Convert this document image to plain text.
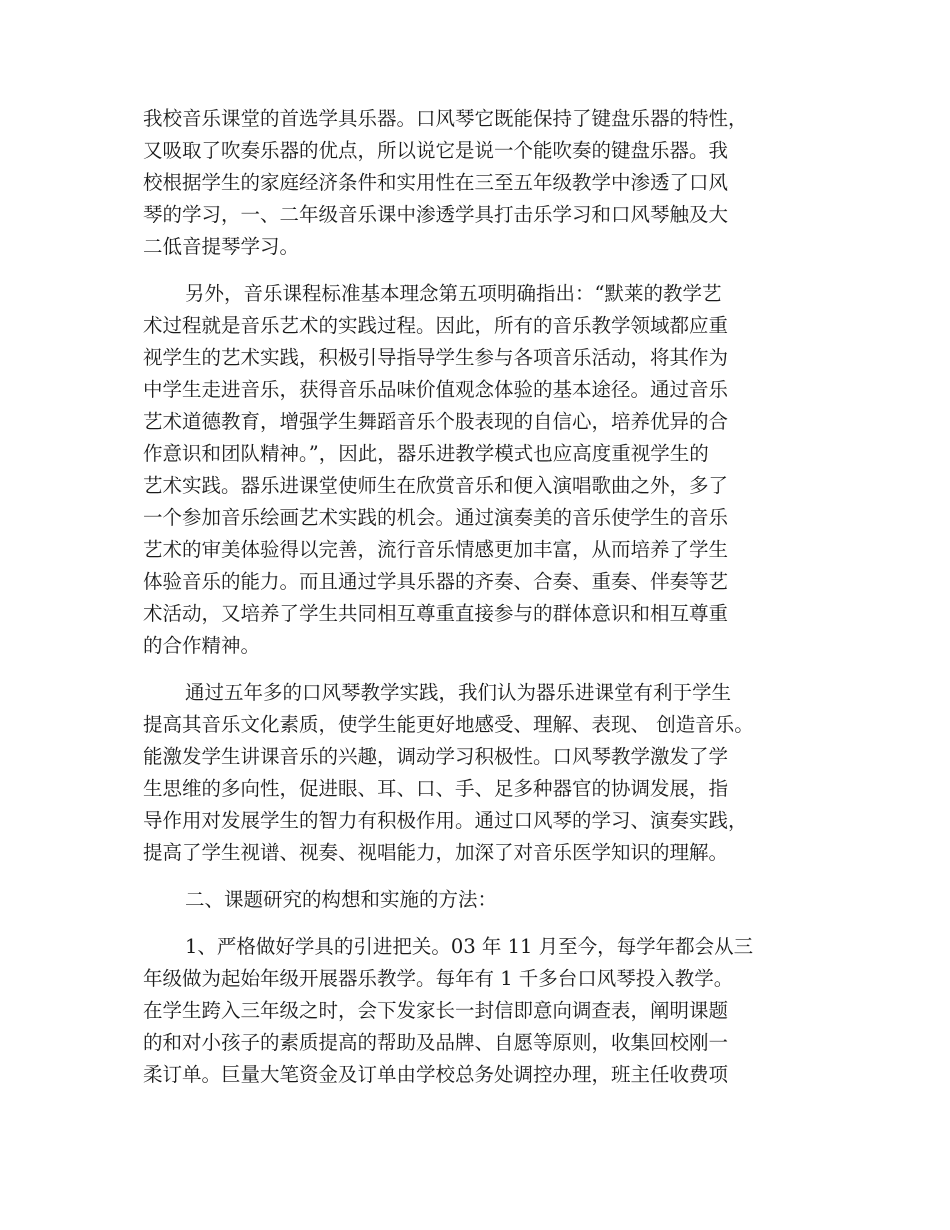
我校音乐课堂的首选学具乐器。口风琴它既能保持了键盘乐器的特性，
又吸取了吹奏乐器的优点，所以说它是说一个能吹奏的键盘乐器。我
校根据学生的家庭经济条件和实用性在三至五年级教学中渗透了口风
琴的学习，一、二年级音乐课中渗透学具打击乐学习和口风琴触及大
二低音提琴学习。
另外，音乐课程标准基本理念第五项明确指出：“默莱的教学艺
术过程就是音乐艺术的实践过程。因此，所有的音乐教学领域都应重
视学生的艺术实践，积极引导指导学生参与各项音乐活动，将其作为
中学生走进音乐，获得音乐品味价值观念体验的基本途径。通过音乐
艺术道德教育，增强学生舞蹈音乐个股表现的自信心，培养优异的合
作意识和团队精神。”，因此，器乐进教学模式也应高度重视学生的
艺术实践。器乐进课堂使师生在欣赏音乐和便入演唱歌曲之外，多了
一个参加音乐绘画艺术实践的机会。通过演奏美的音乐使学生的音乐
艺术的审美体验得以完善，流行音乐情感更加丰富，从而培养了学生
体验音乐的能力。而且通过学具乐器的齐奏、合奏、重奏、伴奏等艺
术活动，又培养了学生共同相互尊重直接参与的群体意识和相互尊重
的合作精神。
通过五年多的口风琴教学实践，我们认为器乐进课堂有利于学生
提高其音乐文化素质，使学生能更好地感受、理解、表现、 创造音乐。
能激发学生讲课音乐的兴趣，调动学习积极性。口风琴教学激发了学
生思维的多向性，促进眼、耳、口、手、足多种器官的协调发展，指
导作用对发展学生的智力有积极作用。通过口风琴的学习、演奏实践，
提高了学生视谱、视奏、视唱能力，加深了对音乐医学知识的理解。
二、课题研究的构想和实施的方法：
1、严格做好学具的引进把关。03 年 11 月至今，每学年都会从三
年级做为起始年级开展器乐教学。每年有 1 千多台口风琴投入教学。
在学生跨入三年级之时，会下发家长一封信即意向调查表，阐明课题
的和对小孩子的素质提高的帮助及品牌、自愿等原则，收集回校刚一
柔订单。巨量大笔资金及订单由学校总务处调控办理，班主任收费项
